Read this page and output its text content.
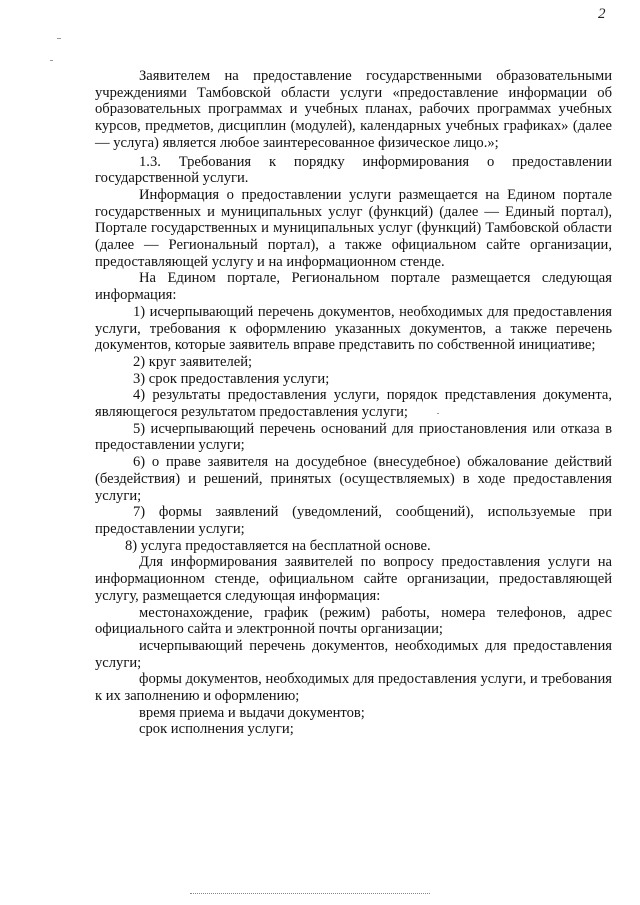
2

Заявителем на предоставление государственными образовательными учреждениями Тамбовской области услуги «предоставление информации об образовательных программах и учебных планах, рабочих программах учебных курсов, предметов, дисциплин (модулей), календарных учебных графиках» (далее — услуга) является любое заинтересованное физическое лицо.»;

1.3. Требования к порядку информирования о предоставлении государственной услуги.

Информация о предоставлении услуги размещается на Едином портале государственных и муниципальных услуг (функций) (далее — Единый портал), Портале государственных и муниципальных услуг (функций) Тамбовской области (далее — Региональный портал), а также официальном сайте организации, предоставляющей услугу и на информационном стенде.

На Едином портале, Региональном портале размещается следующая информация:

1) исчерпывающий перечень документов, необходимых для предоставления услуги, требования к оформлению указанных документов, а также перечень документов, которые заявитель вправе представить по собственной инициативе;

2) круг заявителей;

3) срок предоставления услуги;

4) результаты предоставления услуги, порядок представления документа, являющегося результатом предоставления услуги;

5) исчерпывающий перечень оснований для приостановления или отказа в предоставлении услуги;

6) о праве заявителя на досудебное (внесудебное) обжалование действий (бездействия) и решений, принятых (осуществляемых) в ходе предоставления услуги;

7) формы заявлений (уведомлений, сообщений), используемые при предоставлении услуги;

8) услуга предоставляется на бесплатной основе.

Для информирования заявителей по вопросу предоставления услуги на информационном стенде, официальном сайте организации, предоставляющей услугу, размещается следующая информация:

местонахождение, график (режим) работы, номера телефонов, адрес официального сайта и электронной почты организации;

исчерпывающий перечень документов, необходимых для предоставления услуги;

формы документов, необходимых для предоставления услуги, и требования к их заполнению и оформлению;

время приема и выдачи документов;

срок исполнения услуги;
